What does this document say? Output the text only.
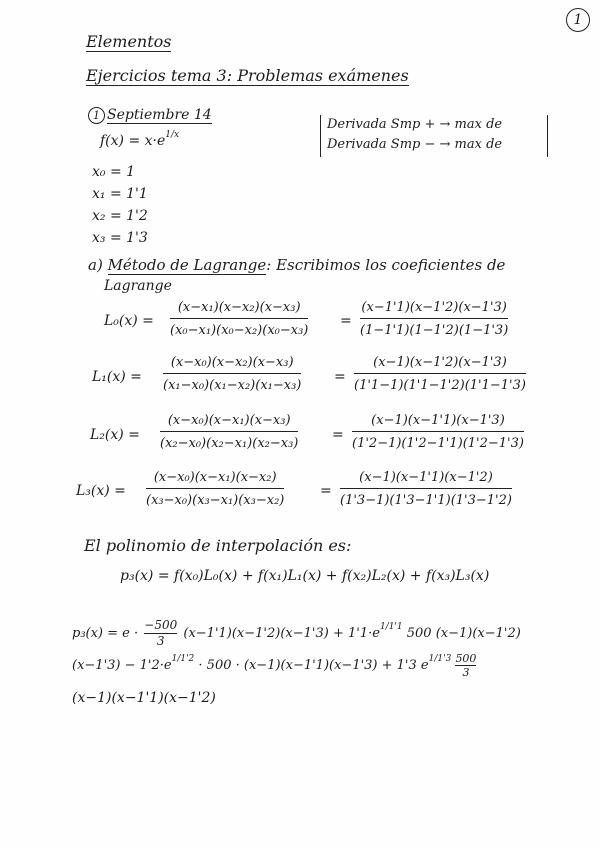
1
Elementos
Ejercicios tema 3: Problemas exámenes
1 Septiembre 14
$f(x) = x\cdot e^{1/x}$
x₀ = 1
x₁ = 1'1
x₂ = 1'2
x₃ = 1'3
Derivada Smp + → max de
Derivada Smp − → max de
a) Método de Lagrange: Escribimos los coeficientes de
Lagrange
$L_0(x) = \frac{\text{(x−x₁)(x−x₂)(x−x₃)}}{\text{(x₀−x₁)(x₀−x₂)(x₀−x₃)}} = \frac{(x-1'1)(x-1'2)(x-1'3)}{(1-1'1)(1-1'2)(1-1'3)}$
$L_1(x) = \frac{\text{(x−x₀)(x−x₂)(x−x₃)}}{\text{(x₁−x₀)(x₁−x₂)(x₁−x₃)}} = \frac{(x-1)(x-1'2)(x-1'3)}{(1'1-1)(1'1-1'2)(1'1-1'3)}$
$L_2(x) = \frac{\text{(x−x₀)(x−x₁)(x−x₃)}}{\text{(x₂−x₀)(x₂−x₁)(x₂−x₃)}} = \frac{(x-1)(x-1'1)(x-1'3)}{(1'2-1)(1'2-1'1)(1'2-1'3)}$
$L_3(x) = \frac{\text{(x−x₀)(x−x₁)(x−x₂)}}{\text{(x₃−x₀)(x₃−x₁)(x₃−x₂)}}$	= $\frac{(x-1)(x-1'1)(x-1'2)}{(1'3-1)(1'3-1'1)(1'3-1'2)}$
El polinomio de interpolación es:
p₃(x) = f(x₀)L₀(x) + f(x₁)L₁(x) + f(x₂)L₂(x) + f(x₃)L₃(x)
$p_3(x) = e \cdot \frac{-500}{3} (x-1'1)(x-1'2)(x-1'3) + 1'1\cdot e^{1/1'1}$ 500 (x−1)(x−1'2)
$(x-1'3) - 1'2\cdot e^{1/1'2} \cdot 500 \cdot (x-1)(x-1'1)(x-1'3) + 1'3$ $e^{1/1'3} \frac{500}{3}$
(x−1)(x−1'1)(x−1'2)
